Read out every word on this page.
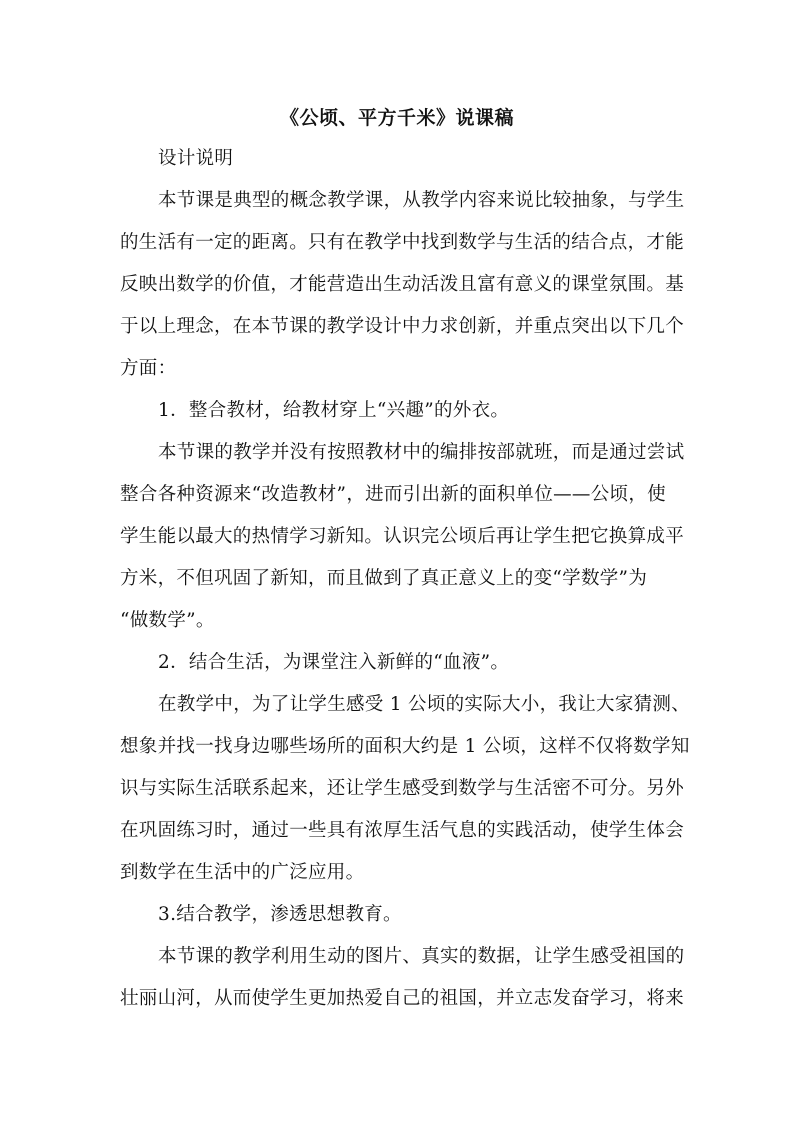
《公顷、平方千米》说课稿
设计说明
本节课是典型的概念教学课，从教学内容来说比较抽象，与学生
的生活有一定的距离。只有在教学中找到数学与生活的结合点，才能
反映出数学的价值，才能营造出生动活泼且富有意义的课堂氛围。基
于以上理念，在本节课的教学设计中力求创新，并重点突出以下几个
方面：
1．整合教材，给教材穿上“兴趣”的外衣。
本节课的教学并没有按照教材中的编排按部就班，而是通过尝试
整合各种资源来“改造教材”，进而引出新的面积单位——公顷，使
学生能以最大的热情学习新知。认识完公顷后再让学生把它换算成平
方米，不但巩固了新知，而且做到了真正意义上的变“学数学”为
“做数学”。
2．结合生活，为课堂注入新鲜的“血液”。
在教学中，为了让学生感受 1 公顷的实际大小，我让大家猜测、
想象并找一找身边哪些场所的面积大约是 1 公顷，这样不仅将数学知
识与实际生活联系起来，还让学生感受到数学与生活密不可分。另外
在巩固练习时，通过一些具有浓厚生活气息的实践活动，使学生体会
到数学在生活中的广泛应用。
3.结合教学，渗透思想教育。
本节课的教学利用生动的图片、真实的数据，让学生感受祖国的
壮丽山河，从而使学生更加热爱自己的祖国，并立志发奋学习，将来
